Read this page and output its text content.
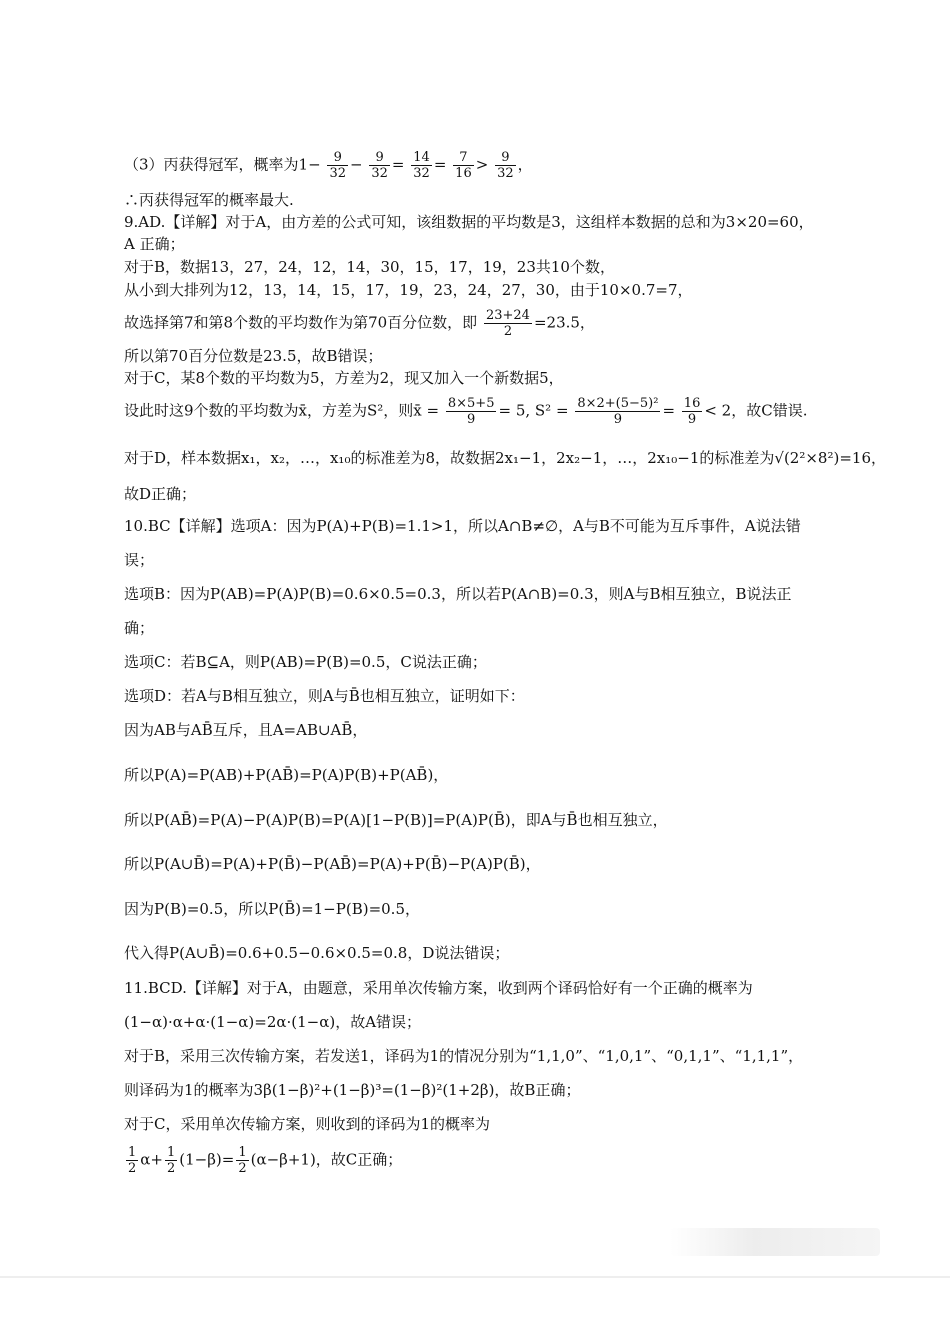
（3）丙获得冠军，概率为$1- \frac{9}{32} - \frac{9}{32} = \frac{14}{32} = \frac{7}{16} > \frac{9}{32}$ ，
∴丙获得冠军的概率最大.
9.AD.【详解】对于A，由方差的公式可知，该组数据的平均数是3，这组样本数据的总和为3×20=60，
A 正确；
对于B，数据13，27，24，12，14，30，15，17，19，23共10个数，
从小到大排列为12，13，14，15，17，19，23，24，27，30，由于10×0.7=7，
故选择第7和第8个数的平均数作为第70百分位数，即 $\frac{23+24}{2} =23.5$，
所以第70百分位数是23.5，故B错误；
对于C，某8个数的平均数为5，方差为2，现又加入一个新数据5，
设此时这9个数的平均数为x̄，方差为S²，则x̄ = $\frac{8\times 5+5}{9} = 5$, $S^2 = \frac{\text{8×2+(5−5)²}}{9} = \frac{16}{9} < 2$，故C错误.
对于D，样本数据x₁，x₂，…，x₁₀的标准差为8，故数据2x₁−1，2x₂−1，…，2x₁₀−1的标准差为√(2²×8²)=16，
故D正确；
10.BC【详解】选项A：因为P(A)+P(B)=1.1>1，所以A∩B≠∅，A与B不可能为互斥事件，A说法错
误；
选项B：因为P(AB)=P(A)P(B)=0.6×0.5=0.3，所以若P(A∩B)=0.3，则A与B相互独立，B说法正
确；
选项C：若B⊆A，则P(AB)=P(B)=0.5，C说法正确；
选项D：若A与B相互独立，则A与B̄也相互独立，证明如下：
因为AB与AB̄互斥，且A=AB∪AB̄，
所以P(A)=P(AB)+P(AB̄)=P(A)P(B)+P(AB̄)，
所以P(AB̄)=P(A)−P(A)P(B)=P(A)[1−P(B)]=P(A)P(B̄)，即A与B̄也相互独立，
所以P(A∪B̄)=P(A)+P(B̄)−P(AB̄)=P(A)+P(B̄)−P(A)P(B̄)，
因为P(B)=0.5，所以P(B̄)=1−P(B)=0.5，
代入得P(A∪B̄)=0.6+0.5−0.6×0.5=0.8，D说法错误；
11.BCD.【详解】对于A，由题意，采用单次传输方案，收到两个译码恰好有一个正确的概率为
(1−α)·α+α·(1−α)=2α·(1−α)，故A错误；
对于B，采用三次传输方案，若发送1，译码为1的情况分别为“1,1,0”、“1,0,1”、“0,1,1”、“1,1,1”，
则译码为1的概率为3β(1−β)²+(1−β)³=(1−β)²(1+2β)，故B正确；
对于C，采用单次传输方案，则收到的译码为1的概率为
$\frac{1}{2} \alpha+ \frac{1}{2} (1-\beta)= \frac{1}{2} (\alpha-\beta+1)$，故C正确；
